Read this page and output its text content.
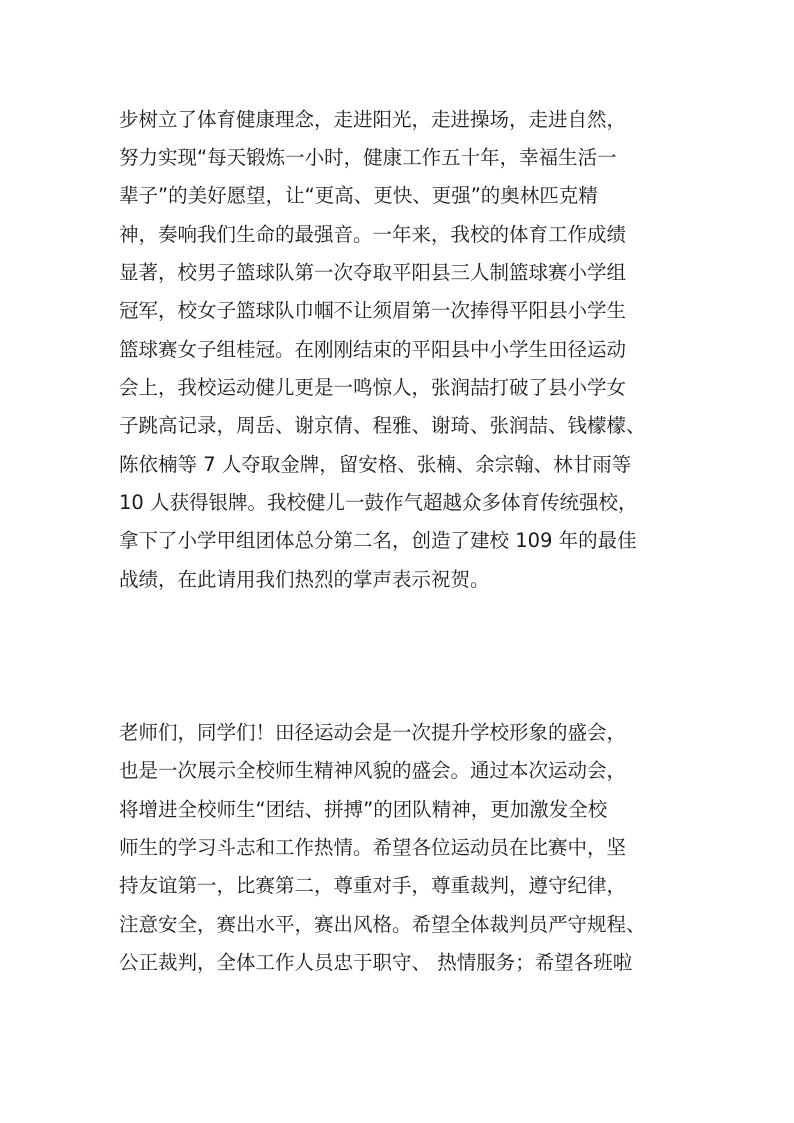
步树立了体育健康理念，走进阳光，走进操场，走进自然，
努力实现“每天锻炼一小时，健康工作五十年，幸福生活一
辈子”的美好愿望，让“更高、更快、更强”的奥林匹克精
神，奏响我们生命的最强音。一年来，我校的体育工作成绩
显著，校男子篮球队第一次夺取平阳县三人制篮球赛小学组
冠军，校女子篮球队巾帼不让须眉第一次捧得平阳县小学生
篮球赛女子组桂冠。在刚刚结束的平阳县中小学生田径运动
会上，我校运动健儿更是一鸣惊人，张润喆打破了县小学女
子跳高记录，周岳、谢京倩、程雅、谢琦、张润喆、钱檬檬、
陈依楠等 7 人夺取金牌，留安格、张楠、余宗翰、林甘雨等
10 人获得银牌。我校健儿一鼓作气超越众多体育传统强校，
拿下了小学甲组团体总分第二名，创造了建校 109 年的最佳
战绩，在此请用我们热烈的掌声表示祝贺。
老师们，同学们！田径运动会是一次提升学校形象的盛会，
也是一次展示全校师生精神风貌的盛会。通过本次运动会，
将增进全校师生“团结、拼搏”的团队精神，更加激发全校
师生的学习斗志和工作热情。希望各位运动员在比赛中，坚
持友谊第一，比赛第二，尊重对手，尊重裁判，遵守纪律，
注意安全，赛出水平，赛出风格。希望全体裁判员严守规程、
公正裁判，全体工作人员忠于职守、 热情服务；希望各班啦
